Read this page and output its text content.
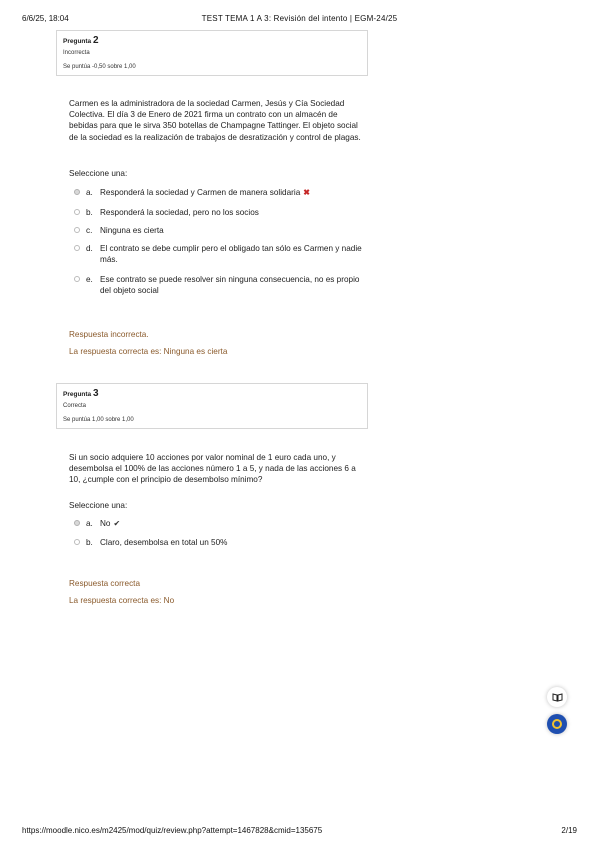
6/6/25, 18:04	TEST TEMA 1 A 3: Revisión del intento | EGM-24/25
Pregunta 2
Incorrecta
Se puntúa -0,50 sobre 1,00
Carmen es la administradora de la sociedad Carmen, Jesús y Cía Sociedad Colectiva. El día 3 de Enero de 2021 firma un contrato con un almacén de bebidas para que le sirva 350 botellas de Champagne Tattinger. El objeto social de la sociedad es la realización de trabajos de desratización y control de plagas.
Seleccione una:
a. Responderá la sociedad y Carmen de manera solidaria ✖
b. Responderá la sociedad, pero no los socios
c. Ninguna es cierta
d. El contrato se debe cumplir pero el obligado tan sólo es Carmen y nadie más.
e. Ese contrato se puede resolver sin ninguna consecuencia, no es propio del objeto social
Respuesta incorrecta.
La respuesta correcta es: Ninguna es cierta
Pregunta 3
Correcta
Se puntúa 1,00 sobre 1,00
Si un socio adquiere 10 acciones por valor nominal de 1 euro cada uno, y desembolsa el 100% de las acciones número 1 a 5, y nada de las acciones 6 a 10, ¿cumple con el principio de desembolso mínimo?
Seleccione una:
a. No ✔
b. Claro, desembolsa en total un 50%
Respuesta correcta
La respuesta correcta es: No
https://moodle.nico.es/m2425/mod/quiz/review.php?attempt=1467828&cmid=135675	2/19
